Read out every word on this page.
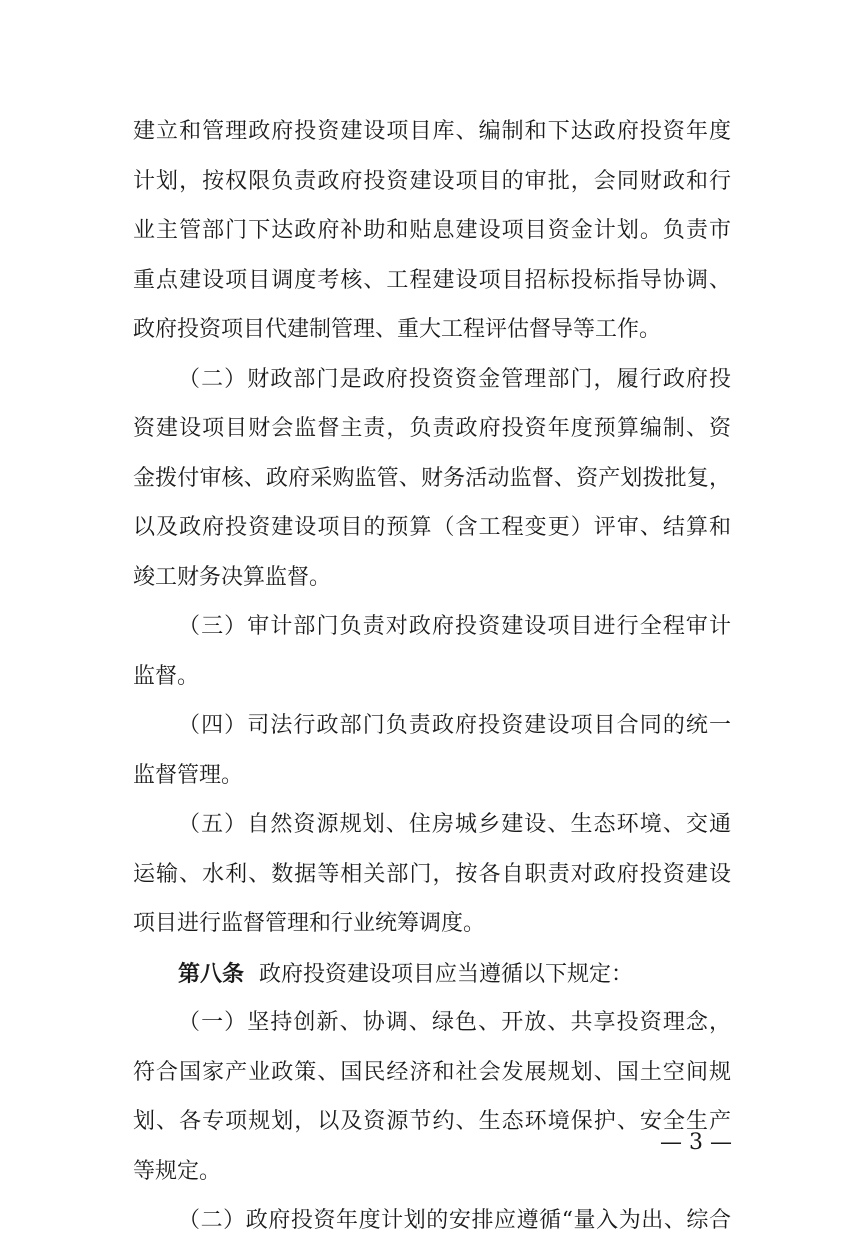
建立和管理政府投资建设项目库、编制和下达政府投资年度
计划，按权限负责政府投资建设项目的审批，会同财政和行
业主管部门下达政府补助和贴息建设项目资金计划。负责市
重点建设项目调度考核、工程建设项目招标投标指导协调、
政府投资项目代建制管理、重大工程评估督导等工作。
（二）财政部门是政府投资资金管理部门，履行政府投
资建设项目财会监督主责，负责政府投资年度预算编制、资
金拨付审核、政府采购监管、财务活动监督、资产划拨批复，
以及政府投资建设项目的预算（含工程变更）评审、结算和
竣工财务决算监督。
（三）审计部门负责对政府投资建设项目进行全程审计
监督。
（四）司法行政部门负责政府投资建设项目合同的统一
监督管理。
（五）自然资源规划、住房城乡建设、生态环境、交通
运输、水利、数据等相关部门，按各自职责对政府投资建设
项目进行监督管理和行业统筹调度。
第八条 政府投资建设项目应当遵循以下规定：
— 3 —
（一）坚持创新、协调、绿色、开放、共享投资理念，
符合国家产业政策、国民经济和社会发展规划、国土空间规
划、各专项规划，以及资源节约、生态环境保护、安全生产
等规定。
（二）政府投资年度计划的安排应遵循“量入为出、综合
